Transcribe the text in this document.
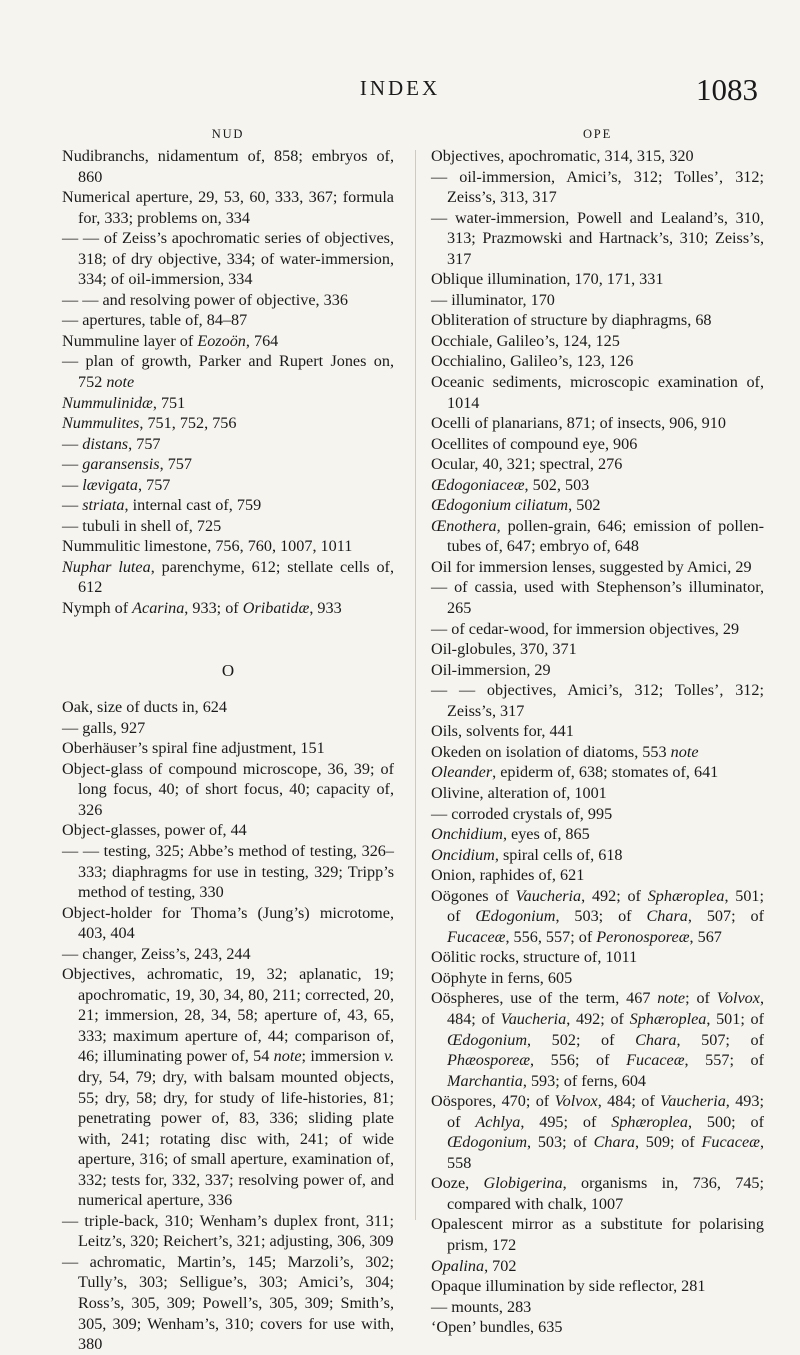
INDEX	1083
NUD
Nudibranchs, nidamentum of, 858; embryos of, 860
Numerical aperture, 29, 53, 60, 333, 367; formula for, 333; problems on, 334
— — of Zeiss’s apochromatic series of objectives, 318; of dry objective, 334; of water-immersion, 334; of oil-immersion, 334
— — and resolving power of objective, 336
— apertures, table of, 84–87
Nummuline layer of Eozoön, 764
— plan of growth, Parker and Rupert Jones on, 752 note
Nummulinidæ, 751
Nummulites, 751, 752, 756
— distans, 757
— garansensis, 757
— lævigata, 757
— striata, internal cast of, 759
— tubuli in shell of, 725
Nummulitic limestone, 756, 760, 1007, 1011
Nuphar lutea, parenchyme, 612; stellate cells of, 612
Nymph of Acarina, 933; of Oribatidæ, 933
O
Oak, size of ducts in, 624
— galls, 927
Oberhäuser’s spiral fine adjustment, 151
Object-glass of compound microscope, 36, 39; of long focus, 40; of short focus, 40; capacity of, 326
Object-glasses, power of, 44
— — testing, 325; Abbe’s method of testing, 326–333; diaphragms for use in testing, 329; Tripp’s method of testing, 330
Object-holder for Thoma’s (Jung’s) microtome, 403, 404
— changer, Zeiss’s, 243, 244
Objectives, achromatic, 19, 32; aplanatic, 19; apochromatic, 19, 30, 34, 80, 211; corrected, 20, 21; immersion, 28, 34, 58; aperture of, 43, 65, 333; maximum aperture of, 44; comparison of, 46; illuminating power of, 54 note; immersion v. dry, 54, 79; dry, with balsam mounted objects, 55; dry, 58; dry, for study of life-histories, 81; penetrating power of, 83, 336; sliding plate with, 241; rotating disc with, 241; of wide aperture, 316; of small aperture, examination of, 332; tests for, 332, 337; resolving power of, and numerical aperture, 336
— triple-back, 310; Wenham’s duplex front, 311; Leitz’s, 320; Reichert’s, 321; adjusting, 306, 309
— achromatic, Martin’s, 145; Marzoli’s, 302; Tully’s, 303; Selligue’s, 303; Amici’s, 304; Ross’s, 305, 309; Powell’s, 305, 309; Smith’s, 305, 309; Wenham’s, 310; covers for use with, 380
OPE
Objectives, apochromatic, 314, 315, 320
— oil-immersion, Amici’s, 312; Tolles’, 312; Zeiss’s, 313, 317
— water-immersion, Powell and Lealand’s, 310, 313; Prazmowski and Hartnack’s, 310; Zeiss’s, 317
Oblique illumination, 170, 171, 331
— illuminator, 170
Obliteration of structure by diaphragms, 68
Occhiale, Galileo’s, 124, 125
Occhialino, Galileo’s, 123, 126
Oceanic sediments, microscopic examination of, 1014
Ocelli of planarians, 871; of insects, 906, 910
Ocellites of compound eye, 906
Ocular, 40, 321; spectral, 276
Œdogoniaceæ, 502, 503
Œdogonium ciliatum, 502
Œnothera, pollen-grain, 646; emission of pollen-tubes of, 647; embryo of, 648
Oil for immersion lenses, suggested by Amici, 29
— of cassia, used with Stephenson’s illuminator, 265
— of cedar-wood, for immersion objectives, 29
Oil-globules, 370, 371
Oil-immersion, 29
— — objectives, Amici’s, 312; Tolles’, 312; Zeiss’s, 317
Oils, solvents for, 441
Okeden on isolation of diatoms, 553 note
Oleander, epiderm of, 638; stomates of, 641
Olivine, alteration of, 1001
— corroded crystals of, 995
Onchidium, eyes of, 865
Oncidium, spiral cells of, 618
Onion, raphides of, 621
Oögones of Vaucheria, 492; of Sphæroplea, 501; of Œdogonium, 503; of Chara, 507; of Fucaceæ, 556, 557; of Peronosporeæ, 567
Oölitic rocks, structure of, 1011
Oöphyte in ferns, 605
Oöspheres, use of the term, 467 note; of Volvox, 484; of Vaucheria, 492; of Sphæroplea, 501; of Œdogonium, 502; of Chara, 507; of Phæosporeæ, 556; of Fucaceæ, 557; of Marchantia, 593; of ferns, 604
Oöspores, 470; of Volvox, 484; of Vaucheria, 493; of Achlya, 495; of Sphæroplea, 500; of Œdogonium, 503; of Chara, 509; of Fucaceæ, 558
Ooze, Globigerina, organisms in, 736, 745; compared with chalk, 1007
Opalescent mirror as a substitute for polarising prism, 172
Opalina, 702
Opaque illumination by side reflector, 281
— mounts, 283
‘Open’ bundles, 635
